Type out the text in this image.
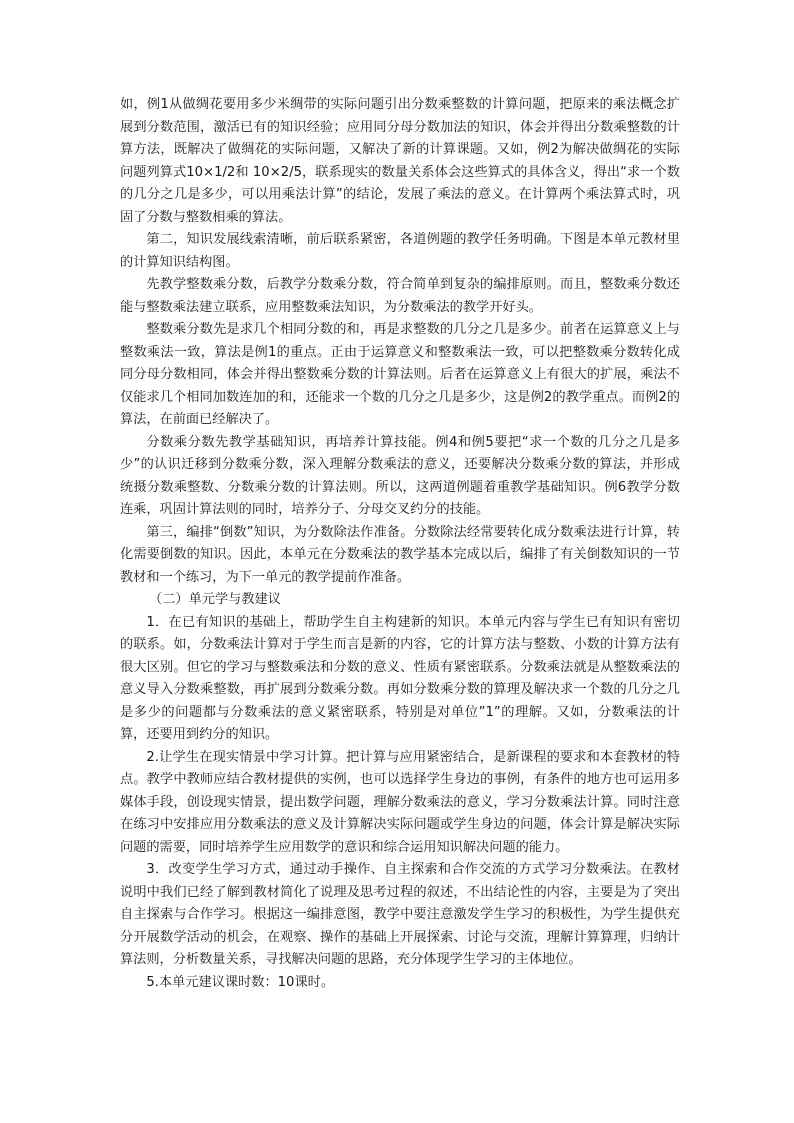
如，例1从做绸花要用多少米绸带的实际问题引出分数乘整数的计算问题，把原来的乘法概念扩展到分数范围，激活已有的知识经验；应用同分母分数加法的知识，体会并得出分数乘整数的计算方法，既解决了做绸花的实际问题，又解决了新的计算课题。又如，例2为解决做绸花的实际问题列算式10×1/2和 10×2/5，联系现实的数量关系体会这些算式的具体含义，得出“求一个数的几分之几是多少，可以用乘法计算”的结论，发展了乘法的意义。在计算两个乘法算式时，巩固了分数与整数相乘的算法。

第二，知识发展线索清晰，前后联系紧密，各道例题的教学任务明确。下图是本单元教材里的计算知识结构图。

先教学整数乘分数，后教学分数乘分数，符合简单到复杂的编排原则。而且，整数乘分数还能与整数乘法建立联系，应用整数乘法知识，为分数乘法的教学开好头。

整数乘分数先是求几个相同分数的和，再是求整数的几分之几是多少。前者在运算意义上与整数乘法一致，算法是例1的重点。正由于运算意义和整数乘法一致，可以把整数乘分数转化成同分母分数相同，体会并得出整数乘分数的计算法则。后者在运算意义上有很大的扩展，乘法不仅能求几个相同加数连加的和，还能求一个数的几分之几是多少，这是例2的教学重点。而例2的算法，在前面已经解决了。

分数乘分数先教学基础知识，再培养计算技能。例4和例5要把“求一个数的几分之几是多少”的认识迁移到分数乘分数，深入理解分数乘法的意义，还要解决分数乘分数的算法，并形成统摄分数乘整数、分数乘分数的计算法则。所以，这两道例题着重教学基础知识。例6教学分数连乘，巩固计算法则的同时，培养分子、分母交叉约分的技能。

第三，编排“倒数”知识，为分数除法作准备。分数除法经常要转化成分数乘法进行计算，转化需要倒数的知识。因此，本单元在分数乘法的教学基本完成以后，编排了有关倒数知识的一节教材和一个练习，为下一单元的教学提前作准备。

（二）单元学与教建议

1．在已有知识的基础上，帮助学生自主构建新的知识。本单元内容与学生已有知识有密切的联系。如，分数乘法计算对于学生而言是新的内容，它的计算方法与整数、小数的计算方法有很大区别。但它的学习与整数乘法和分数的意义、性质有紧密联系。分数乘法就是从整数乘法的意义导入分数乘整数，再扩展到分数乘分数。再如分数乘分数的算理及解决求一个数的几分之几是多少的问题都与分数乘法的意义紧密联系，特别是对单位”1”的理解。又如，分数乘法的计算，还要用到约分的知识。

2.让学生在现实情景中学习计算。把计算与应用紧密结合，是新课程的要求和本套教材的特点。教学中教师应结合教材提供的实例，也可以选择学生身边的事例，有条件的地方也可运用多媒体手段，创设现实情景，提出数学问题，理解分数乘法的意义，学习分数乘法计算。同时注意在练习中安排应用分数乘法的意义及计算解决实际问题或学生身边的问题，体会计算是解决实际问题的需要，同时培养学生应用数学的意识和综合运用知识解决问题的能力。

3．改变学生学习方式，通过动手操作、自主探索和合作交流的方式学习分数乘法。在教材说明中我们已经了解到教材简化了说理及思考过程的叙述，不出结论性的内容，主要是为了突出自主探索与合作学习。根据这一编排意图，教学中要注意激发学生学习的积极性，为学生提供充分开展数学活动的机会，在观察、操作的基础上开展探索、讨论与交流，理解计算算理，归纳计算法则，分析数量关系，寻找解决问题的思路，充分体现学生学习的主体地位。

5.本单元建议课时数：10课时。
